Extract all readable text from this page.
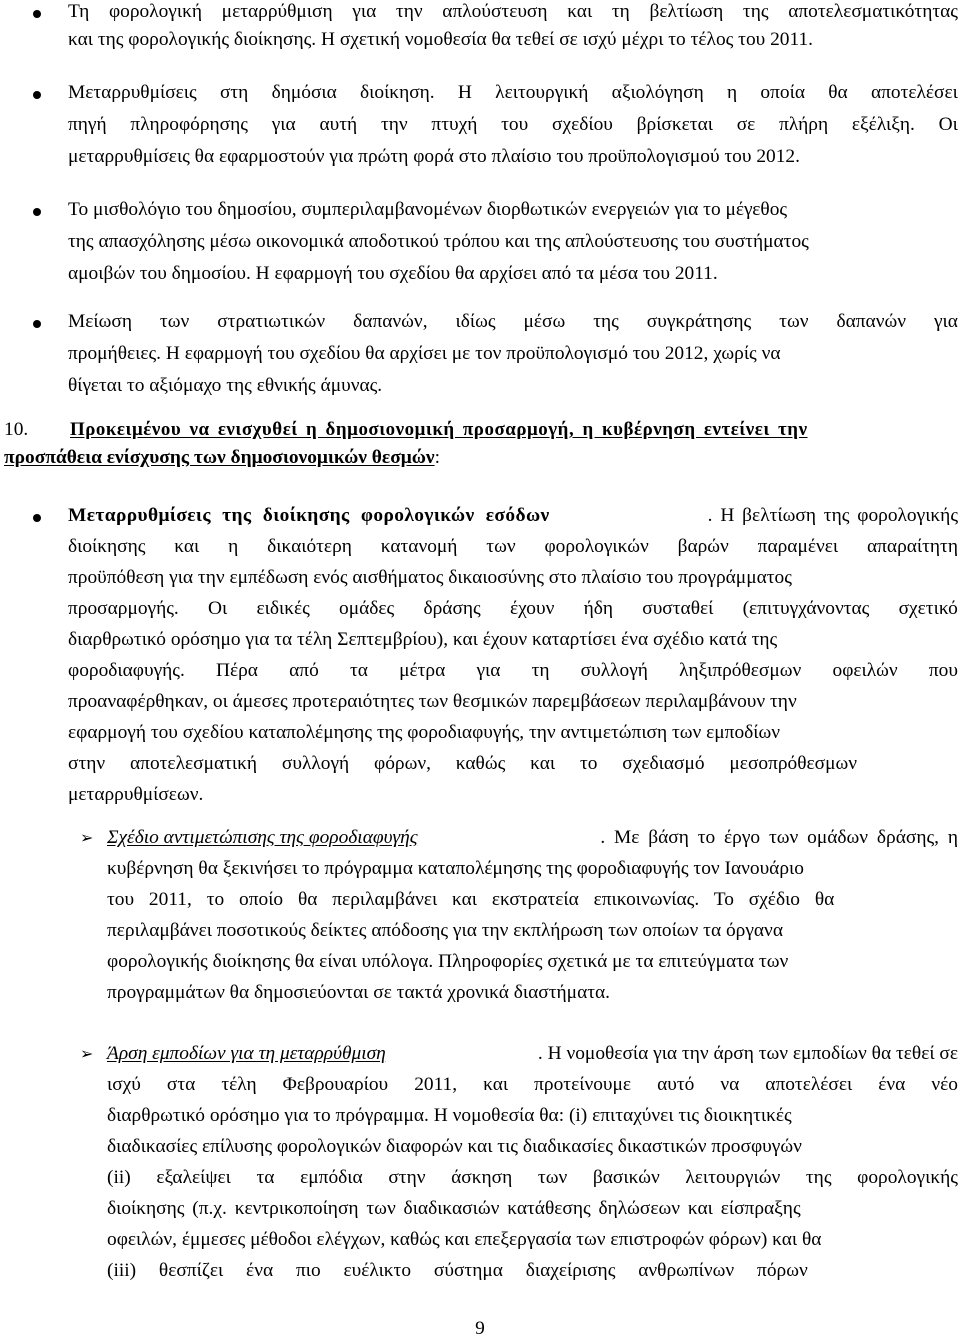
Τη φορολογική μεταρρύθμιση για την απλούστευση και τη βελτίωση της αποτελεσματικότητας
και της φορολογικής διοίκησης. Η σχετική νομοθεσία θα τεθεί σε ισχύ μέχρι το τέλος του 2011.
Μεταρρυθμίσεις στη δημόσια διοίκηση. Η λειτουργική αξιολόγηση η οποία θα αποτελέσει
πηγή πληροφόρησης για αυτή την πτυχή του σχεδίου βρίσκεται σε πλήρη εξέλιξη. Οι
μεταρρυθμίσεις θα εφαρμοστούν για πρώτη φορά στο πλαίσιο του προϋπολογισμού του 2012.
Το μισθολόγιο του δημοσίου, συμπεριλαμβανομένων διορθωτικών ενεργειών για το μέγεθος
της απασχόλησης μέσω οικονομικά αποδοτικού τρόπου και της απλούστευσης του συστήματος
αμοιβών του δημοσίου. Η εφαρμογή του σχεδίου θα αρχίσει από τα μέσα του 2011.
Μείωση των στρατιωτικών δαπανών, ιδίως μέσω της συγκράτησης των δαπανών για
προμήθειες. Η εφαρμογή του σχεδίου θα αρχίσει με τον προϋπολογισμό του 2012, χωρίς να
θίγεται το αξιόμαχο της εθνικής άμυνας.
10. Προκειμένου να ενισχυθεί η δημοσιονομική προσαρμογή, η κυβέρνηση εντείνει την
προσπάθεια ενίσχυσης των δημοσιονομικών θεσμών:
Μεταρρυθμίσεις της διοίκησης φορολογικών εσόδων	. Η βελτίωση της φορολογικής
διοίκησης και η δικαιότερη κατανομή των φορολογικών βαρών παραμένει απαραίτητη
προϋπόθεση για την εμπέδωση ενός αισθήματος δικαιοσύνης στο πλαίσιο του προγράμματος
προσαρμογής. Οι ειδικές ομάδες δράσης έχουν ήδη συσταθεί (επιτυγχάνοντας σχετικό
διαρθρωτικό ορόσημο για τα τέλη Σεπτεμβρίου), και έχουν καταρτίσει ένα σχέδιο κατά της
φοροδιαφυγής. Πέρα από τα μέτρα για τη συλλογή ληξιπρόθεσμων οφειλών που
προαναφέρθηκαν, οι άμεσες προτεραιότητες των θεσμικών παρεμβάσεων περιλαμβάνουν την
εφαρμογή του σχεδίου καταπολέμησης της φοροδιαφυγής, την αντιμετώπιση των εμποδίων
στην αποτελεσματική συλλογή φόρων, καθώς και το σχεδιασμό μεσοπρόθεσμων
μεταρρυθμίσεων.
➢ Σχέδιο αντιμετώπισης της φοροδιαφυγής	. Με βάση το έργο των ομάδων δράσης, η
κυβέρνηση θα ξεκινήσει το πρόγραμμα καταπολέμησης της φοροδιαφυγής τον Ιανουάριο
του 2011, το οποίο θα περιλαμβάνει και εκστρατεία επικοινωνίας. Το σχέδιο θα
περιλαμβάνει ποσοτικούς δείκτες απόδοσης για την εκπλήρωση των οποίων τα όργανα
φορολογικής διοίκησης θα είναι υπόλογα. Πληροφορίες σχετικά με τα επιτεύγματα των
προγραμμάτων θα δημοσιεύονται σε τακτά χρονικά διαστήματα.
➢ Άρση εμποδίων για τη μεταρρύθμιση	. Η νομοθεσία για την άρση των εμποδίων θα τεθεί σε
ισχύ στα τέλη Φεβρουαρίου 2011, και προτείνουμε αυτό να αποτελέσει ένα νέο
διαρθρωτικό ορόσημο για το πρόγραμμα. Η νομοθεσία θα: (i) επιταχύνει τις διοικητικές
διαδικασίες επίλυσης φορολογικών διαφορών και τις διαδικασίες δικαστικών προσφυγών
(ii) εξαλείψει τα εμπόδια στην άσκηση των βασικών λειτουργιών της φορολογικής
διοίκησης (π.χ. κεντρικοποίηση των διαδικασιών κατάθεσης δηλώσεων και είσπραξης
οφειλών, έμμεσες μέθοδοι ελέγχων, καθώς και επεξεργασία των επιστροφών φόρων) και θα
(iii) θεσπίζει ένα πιο ευέλικτο σύστημα διαχείρισης ανθρωπίνων πόρων
9
